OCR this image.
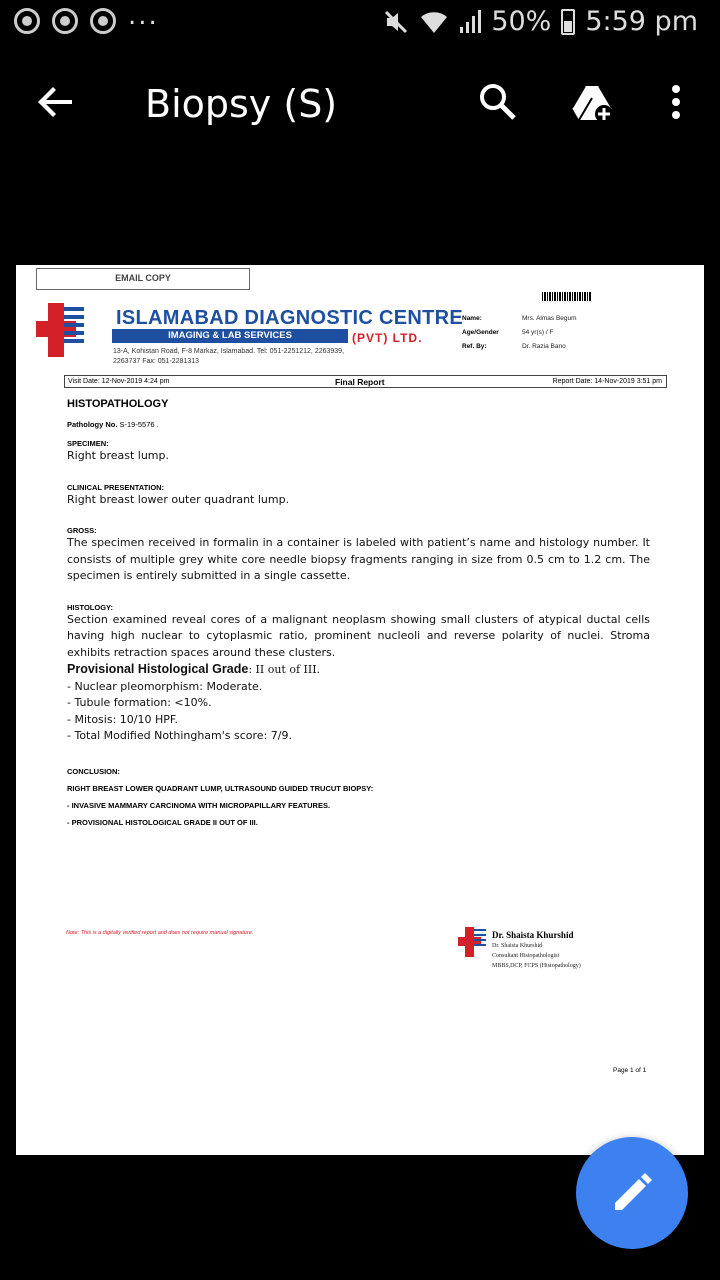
...	50% 5:59 pm
Biopsy (S)
EMAIL COPY
ISLAMABAD DIAGNOSTIC CENTRE
IMAGING & LAB SERVICES	(PVT) LTD.
13-A, Kohistan Road, F-8 Markaz, Islamabad. Tel: 051-2251212, 2263939,
2263737 Fax: 051-2281313
Name:	Mrs. Almas Begum
Age/Gender	54 yr(s) / F
Ref. By:	Dr. Razia Bano
Visit Date: 12-Nov-2019 4:24 pm	Final Report	Report Date: 14-Nov-2019 3:51 pm
HISTOPATHOLOGY
Pathology No. S-19-5576 .
SPECIMEN:
Right breast lump.
CLINICAL PRESENTATION:
Right breast lower outer quadrant lump.
GROSS:
The specimen received in formalin in a container is labeled with patient’s name and histology number. It consists of multiple grey white core needle biopsy fragments ranging in size from 0.5 cm to 1.2 cm. The specimen is entirely submitted in a single cassette.
HISTOLOGY:
Section examined reveal cores of a malignant neoplasm showing small clusters of atypical ductal cells having high nuclear to cytoplasmic ratio, prominent nucleoli and reverse polarity of nuclei. Stroma exhibits retraction spaces around these clusters.
Provisional Histological Grade: II out of III.
- Nuclear pleomorphism: Moderate.
- Tubule formation: <10%.
- Mitosis: 10/10 HPF.
- Total Modified Nothingham's score: 7/9.
CONCLUSION:
RIGHT BREAST LOWER QUADRANT LUMP, ULTRASOUND GUIDED TRUCUT BIOPSY:
- INVASIVE MAMMARY CARCINOMA WITH MICROPAPILLARY FEATURES.
- PROVISIONAL HISTOLOGICAL GRADE II OUT OF III.
Note: This is a digitally verified report and does not require manual signature.	Dr. Shaista Khurshid
Dr. Shaista Khurshid
Consultant Histopathologist
MBBS,DCP, FCPS (Histopathology)
Page 1 of 1
